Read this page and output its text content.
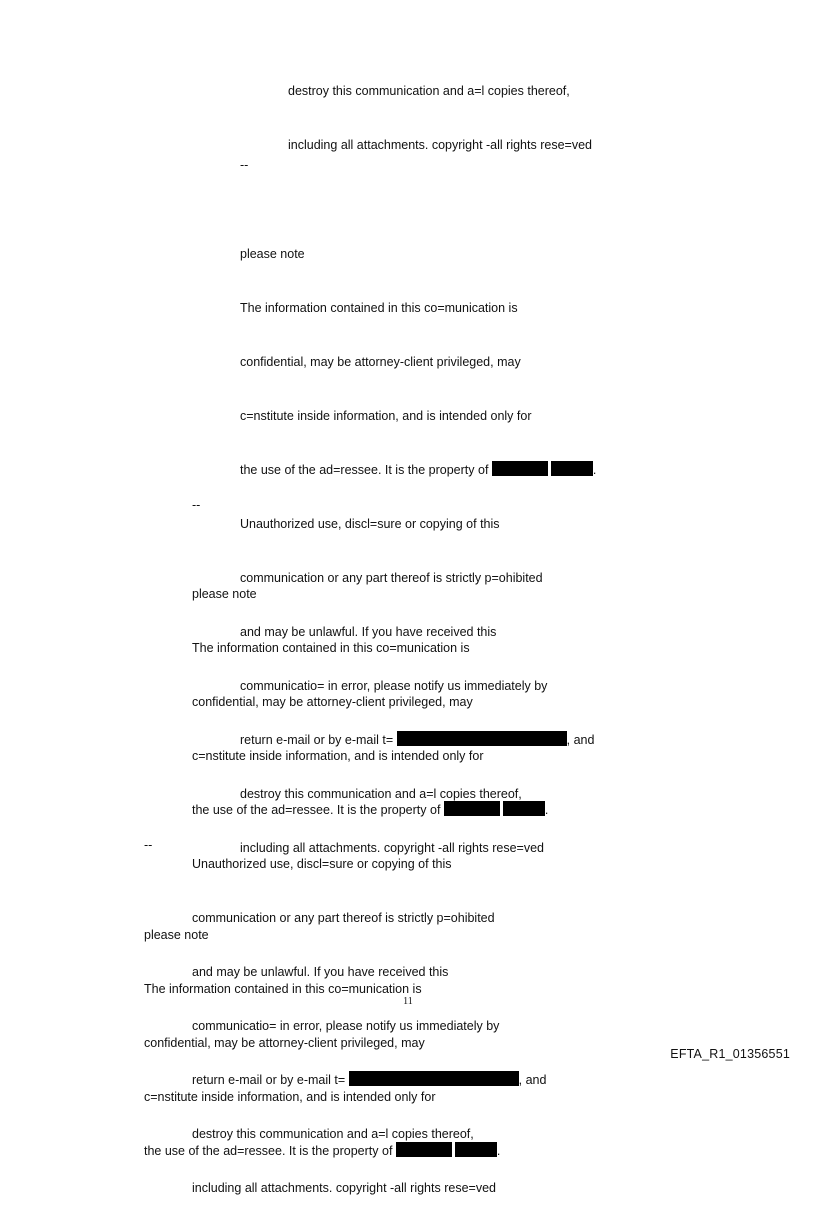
destroy this communication and a=l copies thereof,

including all attachments. copyright -all rights rese=ved

--

please note

The information contained in this co=munication is

confidential, may be attorney-client privileged, may

c=nstitute inside information, and is intended only for

the use of the ad=ressee. It is the property of	.

Unauthorized use, discl=sure or copying of this

communication or any part thereof is strictly p=ohibited

and may be unlawful. If you have received this

communicatio= in error, please notify us immediately by

return e-mail or by e-mail t=	, and

destroy this communication and a=l copies thereof,

including all attachments. copyright -all rights rese=ved

--

please note

The information contained in this co=munication is

confidential, may be attorney-client privileged, may

c=nstitute inside information, and is intended only for

the use of the ad=ressee. It is the property of	.

Unauthorized use, discl=sure or copying of this

communication or any part thereof is strictly p=ohibited

and may be unlawful. If you have received this

communicatio= in error, please notify us immediately by

return e-mail or by e-mail t=	, and

destroy this communication and a=l copies thereof,

including all attachments. copyright -all rights rese=ved

--

please note

The information contained in this co=munication is

confidential, may be attorney-client privileged, may

c=nstitute inside information, and is intended only for

the use of the ad=ressee. It is the property of	.

11
EFTA_R1_01356551
